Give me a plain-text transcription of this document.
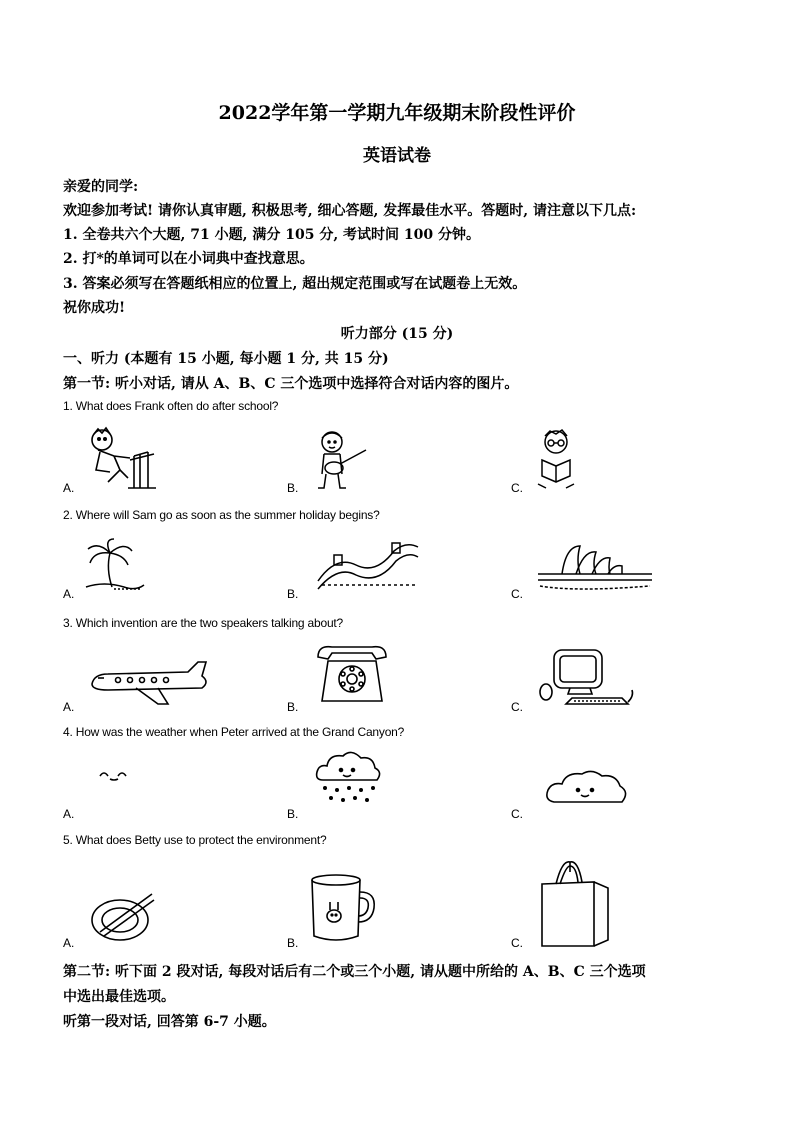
2022学年第一学期九年级期末阶段性评价
英语试卷
亲爱的同学:
欢迎参加考试! 请你认真审题, 积极思考, 细心答题, 发挥最佳水平。答题时, 请注意以下几点:
1. 全卷共六个大题, 71 小题, 满分 105 分, 考试时间 100 分钟。
2. 打*的单词可以在小词典中查找意思。
3. 答案必须写在答题纸相应的位置上, 超出规定范围或写在试题卷上无效。
祝你成功!
听力部分 (15 分)
一、听力 (本题有 15 小题, 每小题 1 分, 共 15 分)
第一节: 听小对话, 请从 A、B、C 三个选项中选择符合对话内容的图片。
1. What does Frank often do after school?
A.	B.	C.
2. Where will Sam go as soon as the summer holiday begins?
A.	B.	C.
3. Which invention are the two speakers talking about?
A.	B.	C.
4. How was the weather when Peter arrived at the Grand Canyon?
A.	B.	C.
5. What does Betty use to protect the environment?
A.	B.	C.
第二节: 听下面 2 段对话, 每段对话后有二个或三个小题, 请从题中所给的 A、B、C 三个选项
中选出最佳选项。
听第一段对话, 回答第 6-7 小题。
